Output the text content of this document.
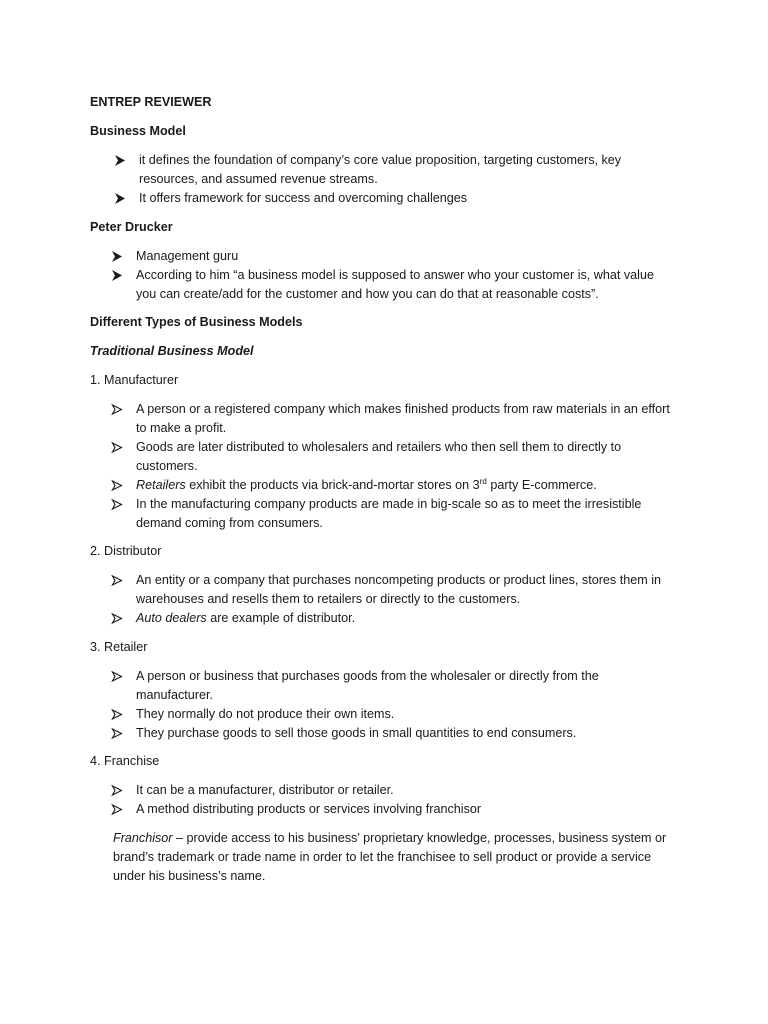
ENTREP REVIEWER
Business Model
it defines the foundation of company’s core value proposition, targeting customers, key resources, and assumed revenue streams.
It offers framework for success and overcoming challenges
Peter Drucker
Management guru
According to him “a business model is supposed to answer who your customer is, what value you can create/add for the customer and how you can do that at reasonable costs”.
Different Types of Business Models
Traditional Business Model
1. Manufacturer
A person or a registered company which makes finished products from raw materials in an effort to make a profit.
Goods are later distributed to wholesalers and retailers who then sell them to directly to customers.
Retailers exhibit the products via brick-and-mortar stores on 3rd party E-commerce.
In the manufacturing company products are made in big-scale so as to meet the irresistible demand coming from consumers.
2. Distributor
An entity or a company that purchases noncompeting products or product lines, stores them in warehouses and resells them to retailers or directly to the customers.
Auto dealers are example of distributor.
3. Retailer
A person or business that purchases goods from the wholesaler or directly from the manufacturer.
They normally do not produce their own items.
They purchase goods to sell those goods in small quantities to end consumers.
4. Franchise
It can be a manufacturer, distributor or retailer.
A method distributing products or services involving franchisor
Franchisor – provide access to his business’ proprietary knowledge, processes, business system or brand’s trademark or trade name in order to let the franchisee to sell product or provide a service under his business’s name.
